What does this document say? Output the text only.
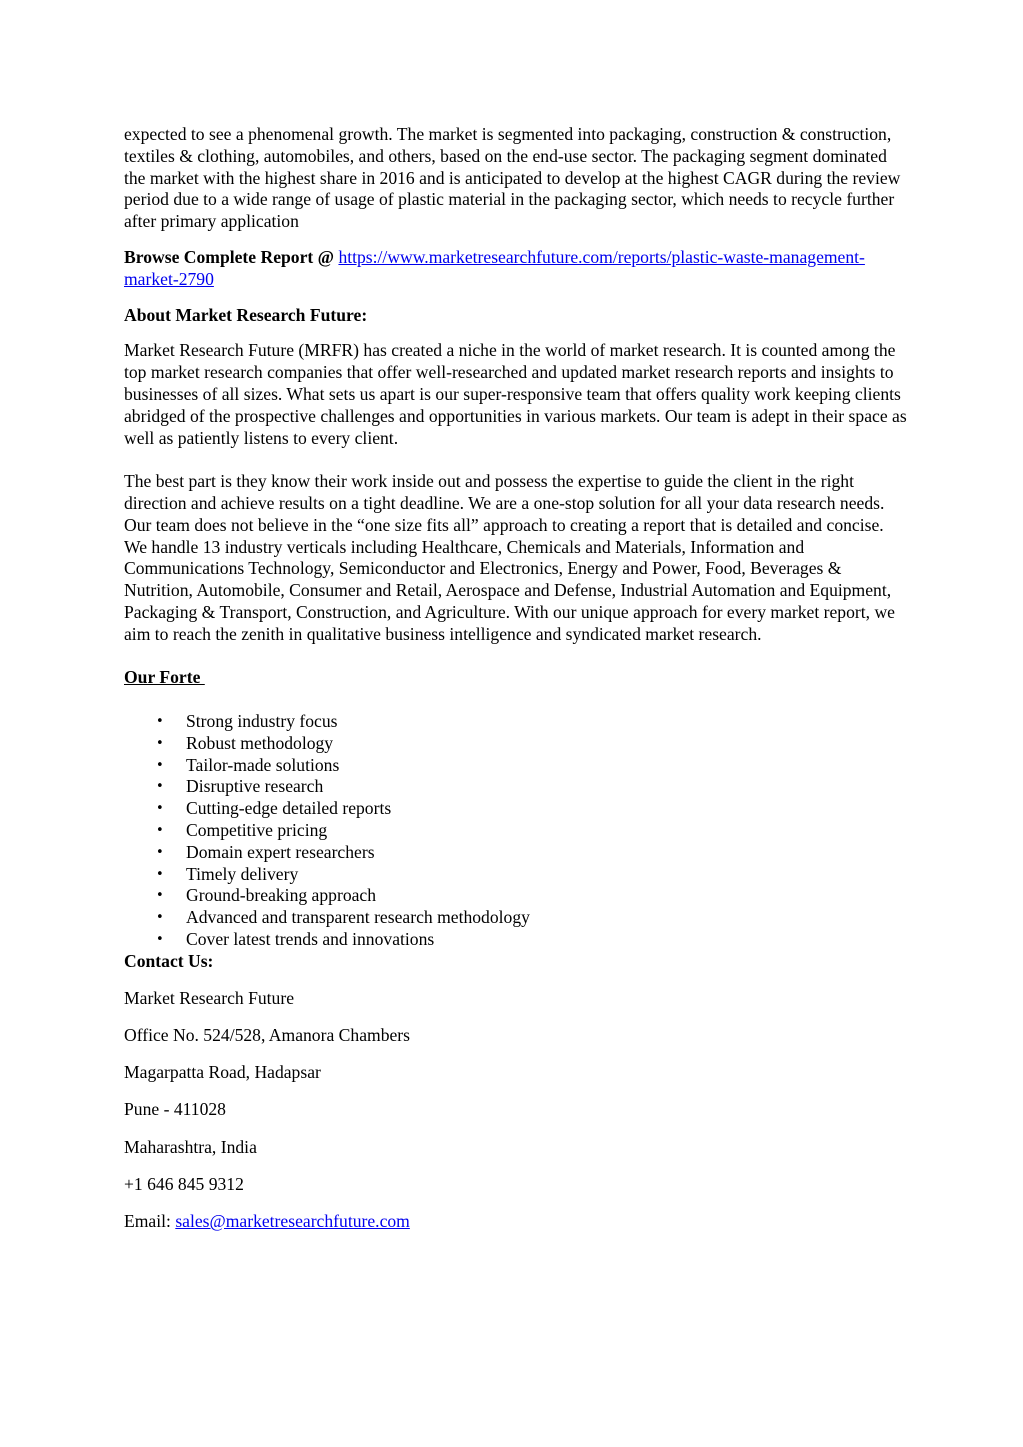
expected to see a phenomenal growth. The market is segmented into packaging, construction & construction, textiles & clothing, automobiles, and others, based on the end-use sector. The packaging segment dominated the market with the highest share in 2016 and is anticipated to develop at the highest CAGR during the review period due to a wide range of usage of plastic material in the packaging sector, which needs to recycle further after primary application

Browse Complete Report @ https://www.marketresearchfuture.com/reports/plastic-waste-management-market-2790

About Market Research Future:

Market Research Future (MRFR) has created a niche in the world of market research. It is counted among the top market research companies that offer well-researched and updated market research reports and insights to businesses of all sizes. What sets us apart is our super-responsive team that offers quality work keeping clients abridged of the prospective challenges and opportunities in various markets. Our team is adept in their space as well as patiently listens to every client.

The best part is they know their work inside out and possess the expertise to guide the client in the right direction and achieve results on a tight deadline. We are a one-stop solution for all your data research needs. Our team does not believe in the “one size fits all” approach to creating a report that is detailed and concise. We handle 13 industry verticals including Healthcare, Chemicals and Materials, Information and Communications Technology, Semiconductor and Electronics, Energy and Power, Food, Beverages & Nutrition, Automobile, Consumer and Retail, Aerospace and Defense, Industrial Automation and Equipment, Packaging & Transport, Construction, and Agriculture. With our unique approach for every market report, we aim to reach the zenith in qualitative business intelligence and syndicated market research.

Our Forte

• Strong industry focus
• Robust methodology
• Tailor-made solutions
• Disruptive research
• Cutting-edge detailed reports
• Competitive pricing
• Domain expert researchers
• Timely delivery
• Ground-breaking approach
• Advanced and transparent research methodology
• Cover latest trends and innovations

Contact Us:

Market Research Future

Office No. 524/528, Amanora Chambers

Magarpatta Road, Hadapsar

Pune - 411028

Maharashtra, India

+1 646 845 9312

Email: sales@marketresearchfuture.com
